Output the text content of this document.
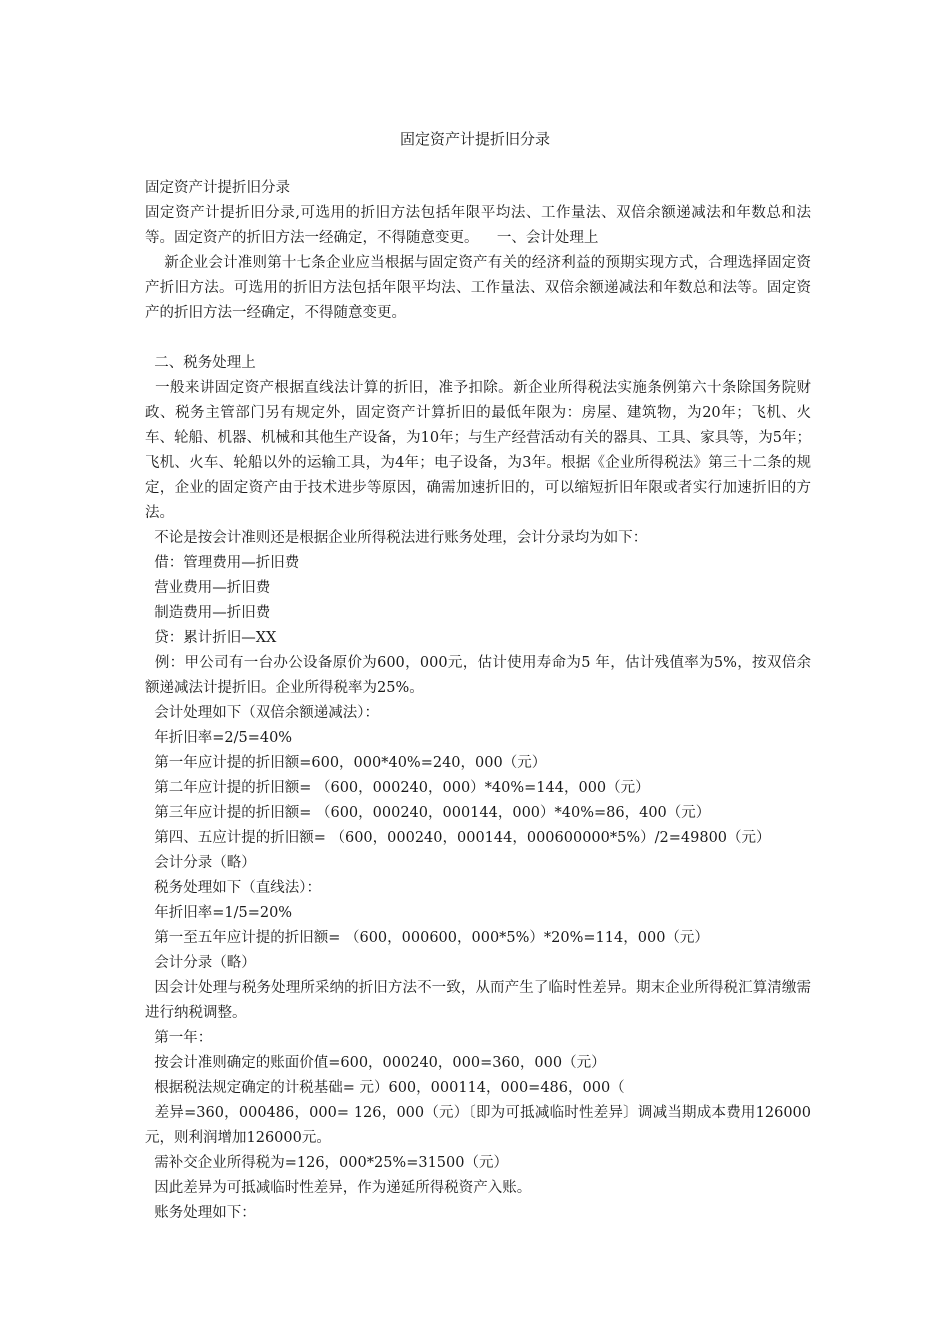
固定资产计提折旧分录

固定资产计提折旧分录

固定资产计提折旧分录,可选用的折旧方法包括年限平均法、工作量法、双倍余额递减法和年数总和法等。固定资产的折旧方法一经确定，不得随意变更。    一、会计处理上

新企业会计准则第十七条企业应当根据与固定资产有关的经济利益的预期实现方式，合理选择固定资产折旧方法。可选用的折旧方法包括年限平均法、工作量法、双倍余额递减法和年数总和法等。固定资产的折旧方法一经确定，不得随意变更。

二、税务处理上

一般来讲固定资产根据直线法计算的折旧，准予扣除。新企业所得税法实施条例第六十条除国务院财政、税务主管部门另有规定外，固定资产计算折旧的最低年限为：房屋、建筑物，为20年；飞机、火车、轮船、机器、机械和其他生产设备，为10年；与生产经营活动有关的器具、工具、家具等，为5年；飞机、火车、轮船以外的运输工具，为4年；电子设备，为3年。根据《企业所得税法》第三十二条的规定，企业的固定资产由于技术进步等原因，确需加速折旧的，可以缩短折旧年限或者实行加速折旧的方法。

不论是按会计准则还是根据企业所得税法进行账务处理，会计分录均为如下：

借：管理费用—折旧费

营业费用—折旧费

制造费用—折旧费

贷：累计折旧—XX

例：甲公司有一台办公设备原价为600，000元，估计使用寿命为5 年，估计残值率为5%，按双倍余额递减法计提折旧。企业所得税率为25%。

会计处理如下（双倍余额递减法）：

年折旧率=2/5=40%

第一年应计提的折旧额=600，000*40%=240，000（元）

第二年应计提的折旧额= （600，000240，000）*40%=144，000（元）

第三年应计提的折旧额= （600，000240，000144，000）*40%=86，400（元）

第四、五应计提的折旧额= （600，000240，000144，000600000*5%）/2=49800（元）

会计分录（略）

税务处理如下（直线法）：

年折旧率=1/5=20%

第一至五年应计提的折旧额= （600，000600，000*5%）*20%=114，000（元）

会计分录（略）

因会计处理与税务处理所采纳的折旧方法不一致，从而产生了临时性差异。期末企业所得税汇算清缴需进行纳税调整。

第一年：

按会计准则确定的账面价值=600，000240，000=360，000（元）

根据税法规定确定的计税基础= 元）600，000114，000=486，000（

差异=360，000486，000= 126，000（元）〔即为可抵减临时性差异〕调减当期成本费用126000元，则利润增加126000元。

需补交企业所得税为=126，000*25%=31500（元）

因此差异为可抵减临时性差异，作为递延所得税资产入账。

账务处理如下：
